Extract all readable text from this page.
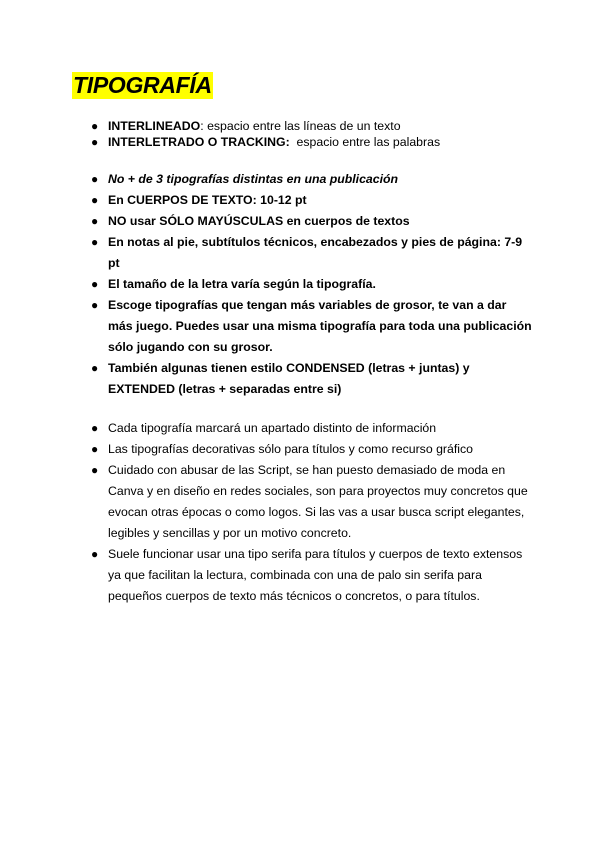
TIPOGRAFÍA
● INTERLINEADO: espacio entre las líneas de un texto
● INTERLETRADO O TRACKING:  espacio entre las palabras
● No + de 3 tipografías distintas en una publicación
● En CUERPOS DE TEXTO: 10-12 pt
● NO usar SÓLO MAYÚSCULAS en cuerpos de textos
● En notas al pie, subtítulos técnicos, encabezados y pies de página: 7-9
pt
● El tamaño de la letra varía según la tipografía.
● Escoge tipografías que tengan más variables de grosor, te van a dar
más juego. Puedes usar una misma tipografía para toda una publicación
sólo jugando con su grosor.
● También algunas tienen estilo CONDENSED (letras + juntas) y
EXTENDED (letras + separadas entre si)
● Cada tipografía marcará un apartado distinto de información
● Las tipografías decorativas sólo para títulos y como recurso gráfico
● Cuidado con abusar de las Script, se han puesto demasiado de moda en
Canva y en diseño en redes sociales, son para proyectos muy concretos que
evocan otras épocas o como logos. Si las vas a usar busca script elegantes,
legibles y sencillas y por un motivo concreto.
● Suele funcionar usar una tipo serifa para títulos y cuerpos de texto extensos
ya que facilitan la lectura, combinada con una de palo sin serifa para
pequeños cuerpos de texto más técnicos o concretos, o para títulos.
